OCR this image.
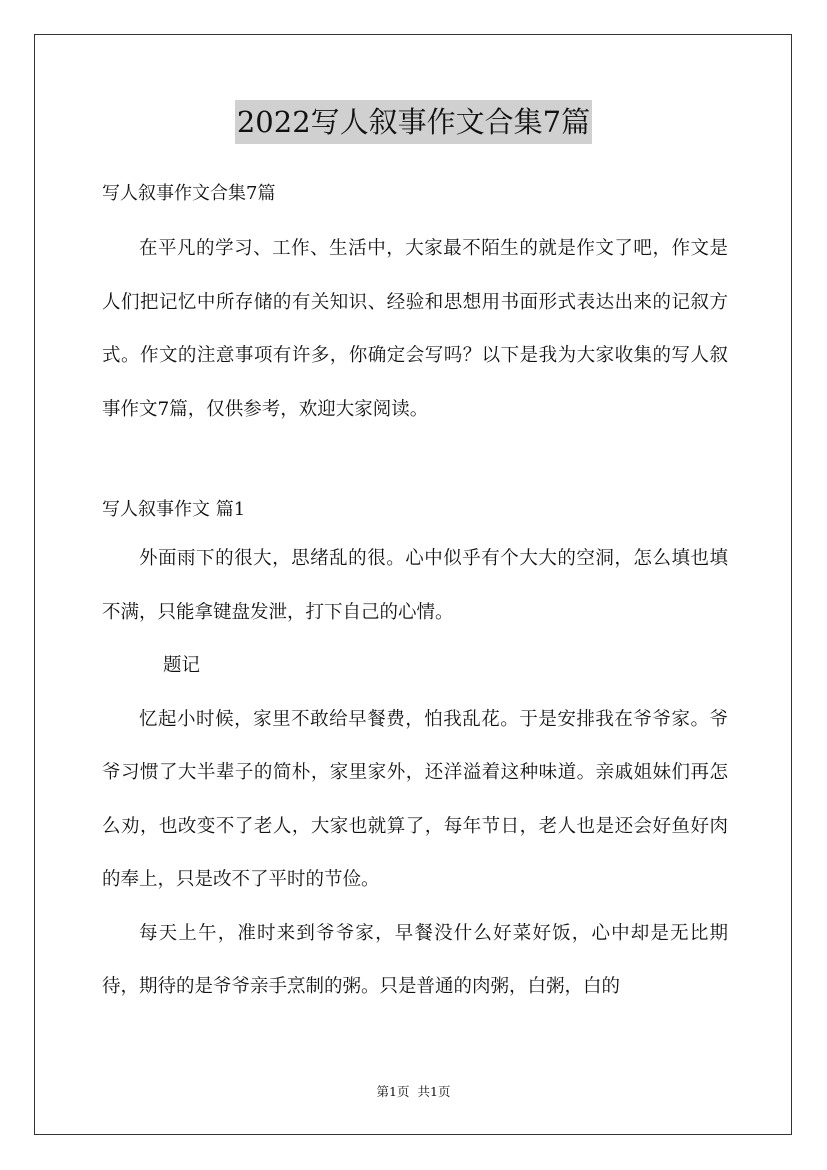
2022写人叙事作文合集7篇

写人叙事作文合集7篇

在平凡的学习、工作、生活中，大家最不陌生的就是作文了吧，作文是人们把记忆中所存储的有关知识、经验和思想用书面形式表达出来的记叙方式。作文的注意事项有许多，你确定会写吗？以下是我为大家收集的写人叙事作文7篇，仅供参考，欢迎大家阅读。

写人叙事作文 篇1

外面雨下的很大，思绪乱的很。心中似乎有个大大的空洞，怎么填也填不满，只能拿键盘发泄，打下自己的心情。

题记

忆起小时候，家里不敢给早餐费，怕我乱花。于是安排我在爷爷家。爷爷习惯了大半辈子的简朴，家里家外，还洋溢着这种味道。亲戚姐妹们再怎么劝，也改变不了老人，大家也就算了，每年节日，老人也是还会好鱼好肉的奉上，只是改不了平时的节俭。

每天上午，准时来到爷爷家，早餐没什么好菜好饭，心中却是无比期待，期待的是爷爷亲手烹制的粥。只是普通的肉粥，白粥，白的

第1页 共1页
